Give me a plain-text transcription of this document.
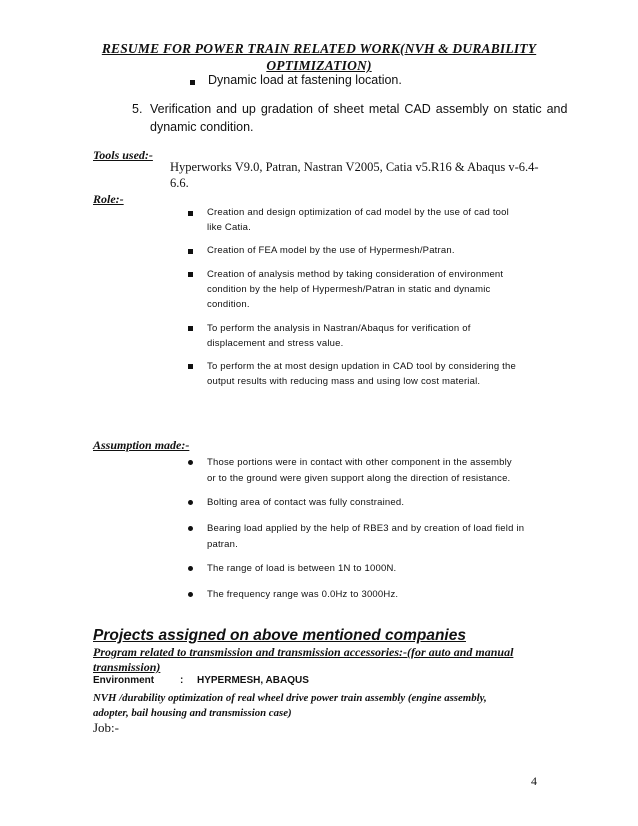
RESUME FOR POWER TRAIN RELATED WORK(NVH & DURABILITY
OPTIMIZATION)
Dynamic load at fastening location.
5. Verification and up gradation of sheet metal CAD assembly on static and
dynamic condition.
Tools used:-
Hyperworks V9.0, Patran, Nastran V2005, Catia v5.R16 & Abaqus v-6.4-
6.6.
Role:-
Creation and design optimization of cad model by the use of cad tool
like Catia.
Creation of FEA model by the use of Hypermesh/Patran.
Creation of analysis method by taking consideration of environment
condition by the help of Hypermesh/Patran in static and dynamic
condition.
To perform the analysis in Nastran/Abaqus for verification of
displacement and stress value.
To perform the at most design updation in CAD tool by considering the
output results with reducing mass and using low cost material.
Assumption made:-
Those portions were in contact with other component in the assembly
or to the ground were given support along the direction of resistance.
Bolting area of contact was fully constrained.
Bearing load applied by the help of RBE3 and by creation of load field in
patran.
The range of load is between 1N to 1000N.
The frequency range was 0.0Hz to 3000Hz.
Projects assigned on above mentioned companies
Program related to transmission and transmission accessories:-(for auto and manual
transmission)
Environment	: HYPERMESH, ABAQUS
NVH /durability optimization of real wheel drive power train assembly (engine assembly,
adopter, bail housing and transmission case)
Job:-
4
